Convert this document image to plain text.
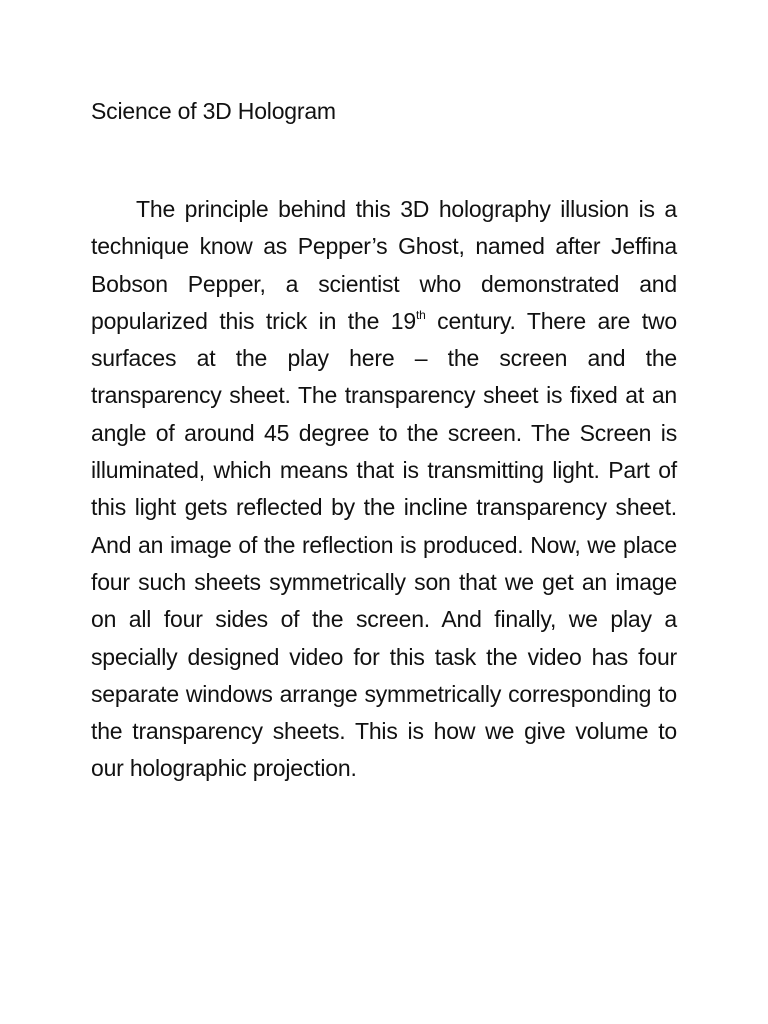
Science of 3D Hologram

The principle behind this 3D holography illusion is a technique know as Pepper’s Ghost, named after Jeffina Bobson Pepper, a scientist who demonstrated and popularized this trick in the 19th century. There are two surfaces at the play here – the screen and the transparency sheet. The transparency sheet is fixed at an angle of around 45 degree to the screen. The Screen is illuminated, which means that is transmitting light. Part of this light gets reflected by the incline transparency sheet. And an image of the reflection is produced. Now, we place four such sheets symmetrically son that we get an image on all four sides of the screen. And finally, we play a specially designed video for this task the video has four separate windows arrange symmetrically corresponding to the transparency sheets. This is how we give volume to our holographic projection.
